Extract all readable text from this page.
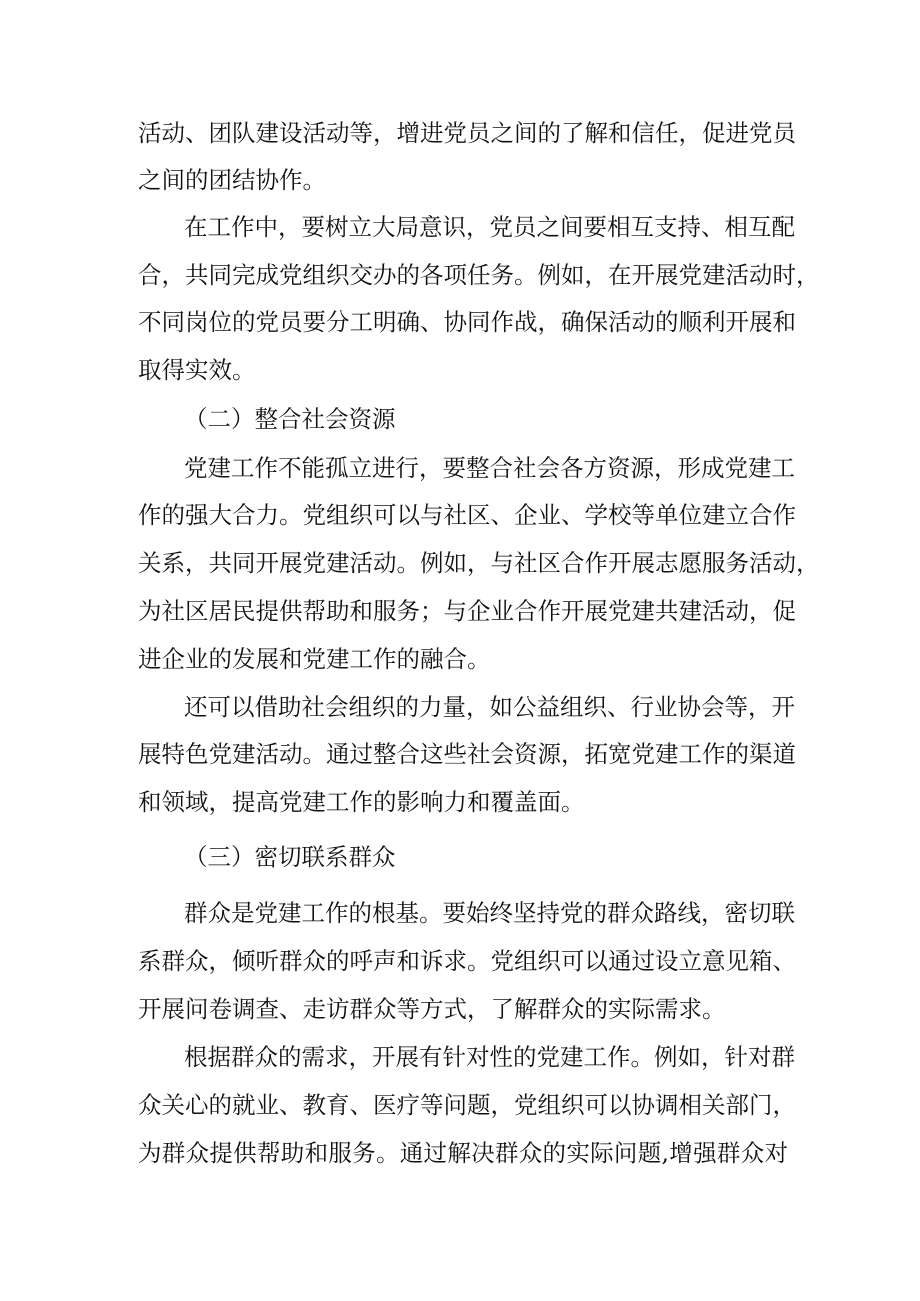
活动、团队建设活动等，增进党员之间的了解和信任，促进党员

之间的团结协作。

在工作中，要树立大局意识，党员之间要相互支持、相互配

合，共同完成党组织交办的各项任务。例如，在开展党建活动时，

不同岗位的党员要分工明确、协同作战，确保活动的顺利开展和

取得实效。

（二）整合社会资源

党建工作不能孤立进行，要整合社会各方资源，形成党建工

作的强大合力。党组织可以与社区、企业、学校等单位建立合作

关系，共同开展党建活动。例如，与社区合作开展志愿服务活动，

为社区居民提供帮助和服务；与企业合作开展党建共建活动，促

进企业的发展和党建工作的融合。

还可以借助社会组织的力量，如公益组织、行业协会等，开

展特色党建活动。通过整合这些社会资源，拓宽党建工作的渠道

和领域，提高党建工作的影响力和覆盖面。

（三）密切联系群众

群众是党建工作的根基。要始终坚持党的群众路线，密切联

系群众，倾听群众的呼声和诉求。党组织可以通过设立意见箱、

开展问卷调查、走访群众等方式，了解群众的实际需求。

根据群众的需求，开展有针对性的党建工作。例如，针对群

众关心的就业、教育、医疗等问题，党组织可以协调相关部门，

为群众提供帮助和服务。通过解决群众的实际问题,增强群众对
